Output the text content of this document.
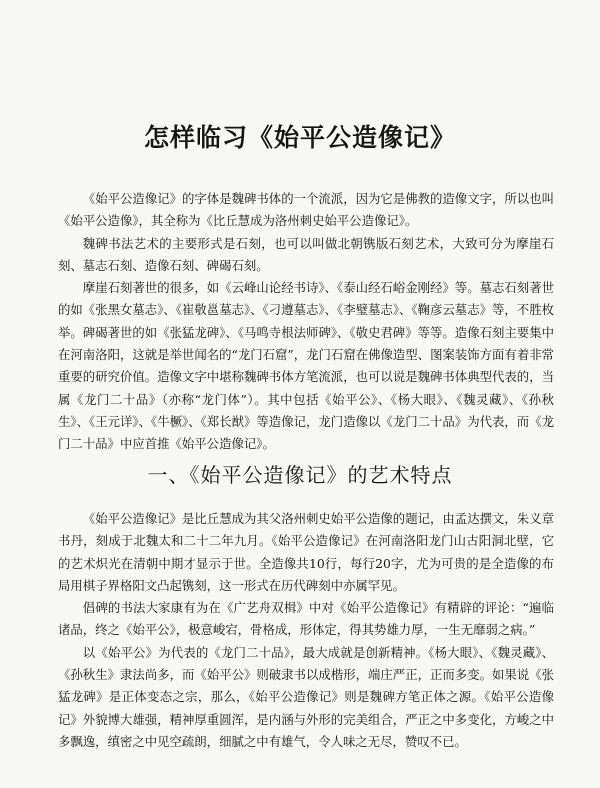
怎样临习《始平公造像记》

《始平公造像记》的字体是魏碑书体的一个流派，因为它是佛教的造像文字，所以也叫《始平公造像》，其全称为《比丘慧成为洛州刺史始平公造像记》。

魏碑书法艺术的主要形式是石刻，也可以叫做北朝镌版石刻艺术，大致可分为摩崖石刻、墓志石刻、造像石刻、碑碣石刻。

摩崖石刻著世的很多，如《云峰山论经书诗》、《泰山经石峪金刚经》等。墓志石刻著世的如《张黑女墓志》、《崔敬邕墓志》、《刁遵墓志》、《李璧墓志》、《鞠彦云墓志》等，不胜枚举。碑碣著世的如《张猛龙碑》、《马鸣寺根法师碑》、《敬史君碑》等等。造像石刻主要集中在河南洛阳，这就是举世闻名的“龙门石窟”，龙门石窟在佛像造型、图案装饰方面有着非常重要的研究价值。造像文字中堪称魏碑书体方笔流派，也可以说是魏碑书体典型代表的，当属《龙门二十品》（亦称“龙门体”）。其中包括《始平公》、《杨大眼》、《魏灵藏》、《孙秋生》、《王元详》、《牛橛》、《郑长猷》等造像记，龙门造像以《龙门二十品》为代表，而《龙门二十品》中应首推《始平公造像记》。

一、《始平公造像记》的艺术特点

《始平公造像记》是比丘慧成为其父洛州刺史始平公造像的题记，由孟达撰文，朱义章书丹，刻成于北魏太和二十二年九月。《始平公造像记》在河南洛阳龙门山古阳洞北壁，它的艺术炽光在清朝中期才显示于世。全造像共10行，每行20字，尤为可贵的是全造像的布局用棋子界格阳文凸起镌刻，这一形式在历代碑刻中亦属罕见。

倡碑的书法大家康有为在《广艺舟双楫》中对《始平公造像记》有精辟的评论：“遍临诸品，终之《始平公》，极意峻宕，骨格成，形体定，得其势雄力厚，一生无靡弱之病。”

以《始平公》为代表的《龙门二十品》，最大成就是创新精神。《杨大眼》、《魏灵藏》、《孙秋生》隶法尚多，而《始平公》则破隶书以成楷形，端庄严正，正而多变。如果说《张猛龙碑》是正体变态之宗，那么，《始平公造像记》则是魏碑方笔正体之源。《始平公造像记》外貌博大雄强，精神厚重圆浑，是内涵与外形的完美组合，严正之中多变化，方峻之中多飘逸，缜密之中见空疏朗，细腻之中有雄气，令人味之无尽，赞叹不已。
